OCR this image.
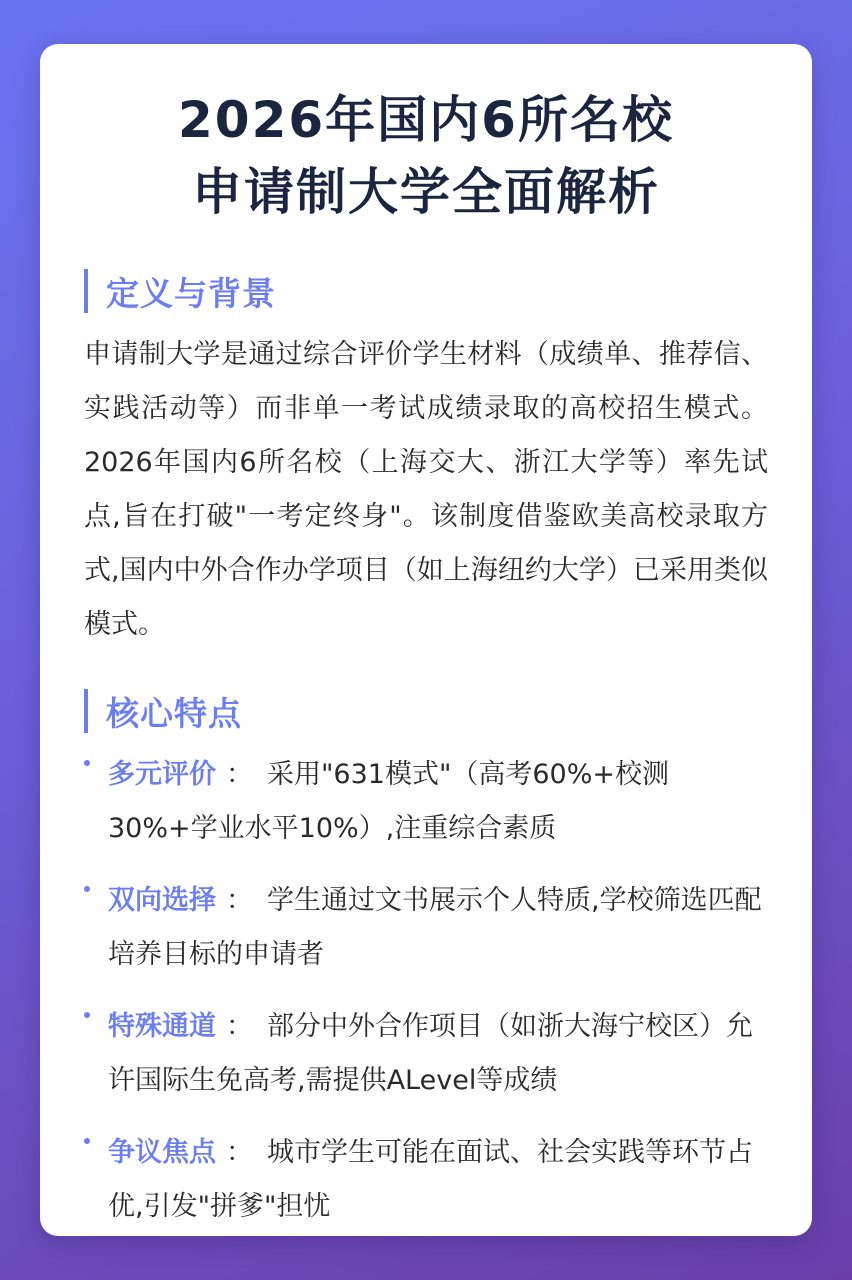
2026年国内6所名校
申请制大学全面解析
定义与背景

申请制大学是通过综合评价学生材料（成绩单、推荐信、实践活动等）而非单一考试成绩录取的高校招生模式。2026年国内6所名校（上海交大、浙江大学等）率先试点,旨在打破"一考定终身"。该制度借鉴欧美高校录取方式,国内中外合作办学项目（如上海纽约大学）已采用类似模式。

核心特点
多元评价 ： 采用"631模式"（高考60%+校测30%+学业水平10%）,注重综合素质
双向选择 ： 学生通过文书展示个人特质,学校筛选匹配培养目标的申请者
特殊通道 ： 部分中外合作项目（如浙大海宁校区）允许国际生免高考,需提供ALevel等成绩
争议焦点 ： 城市学生可能在面试、社会实践等环节占优,引发"拼爹"担忧
